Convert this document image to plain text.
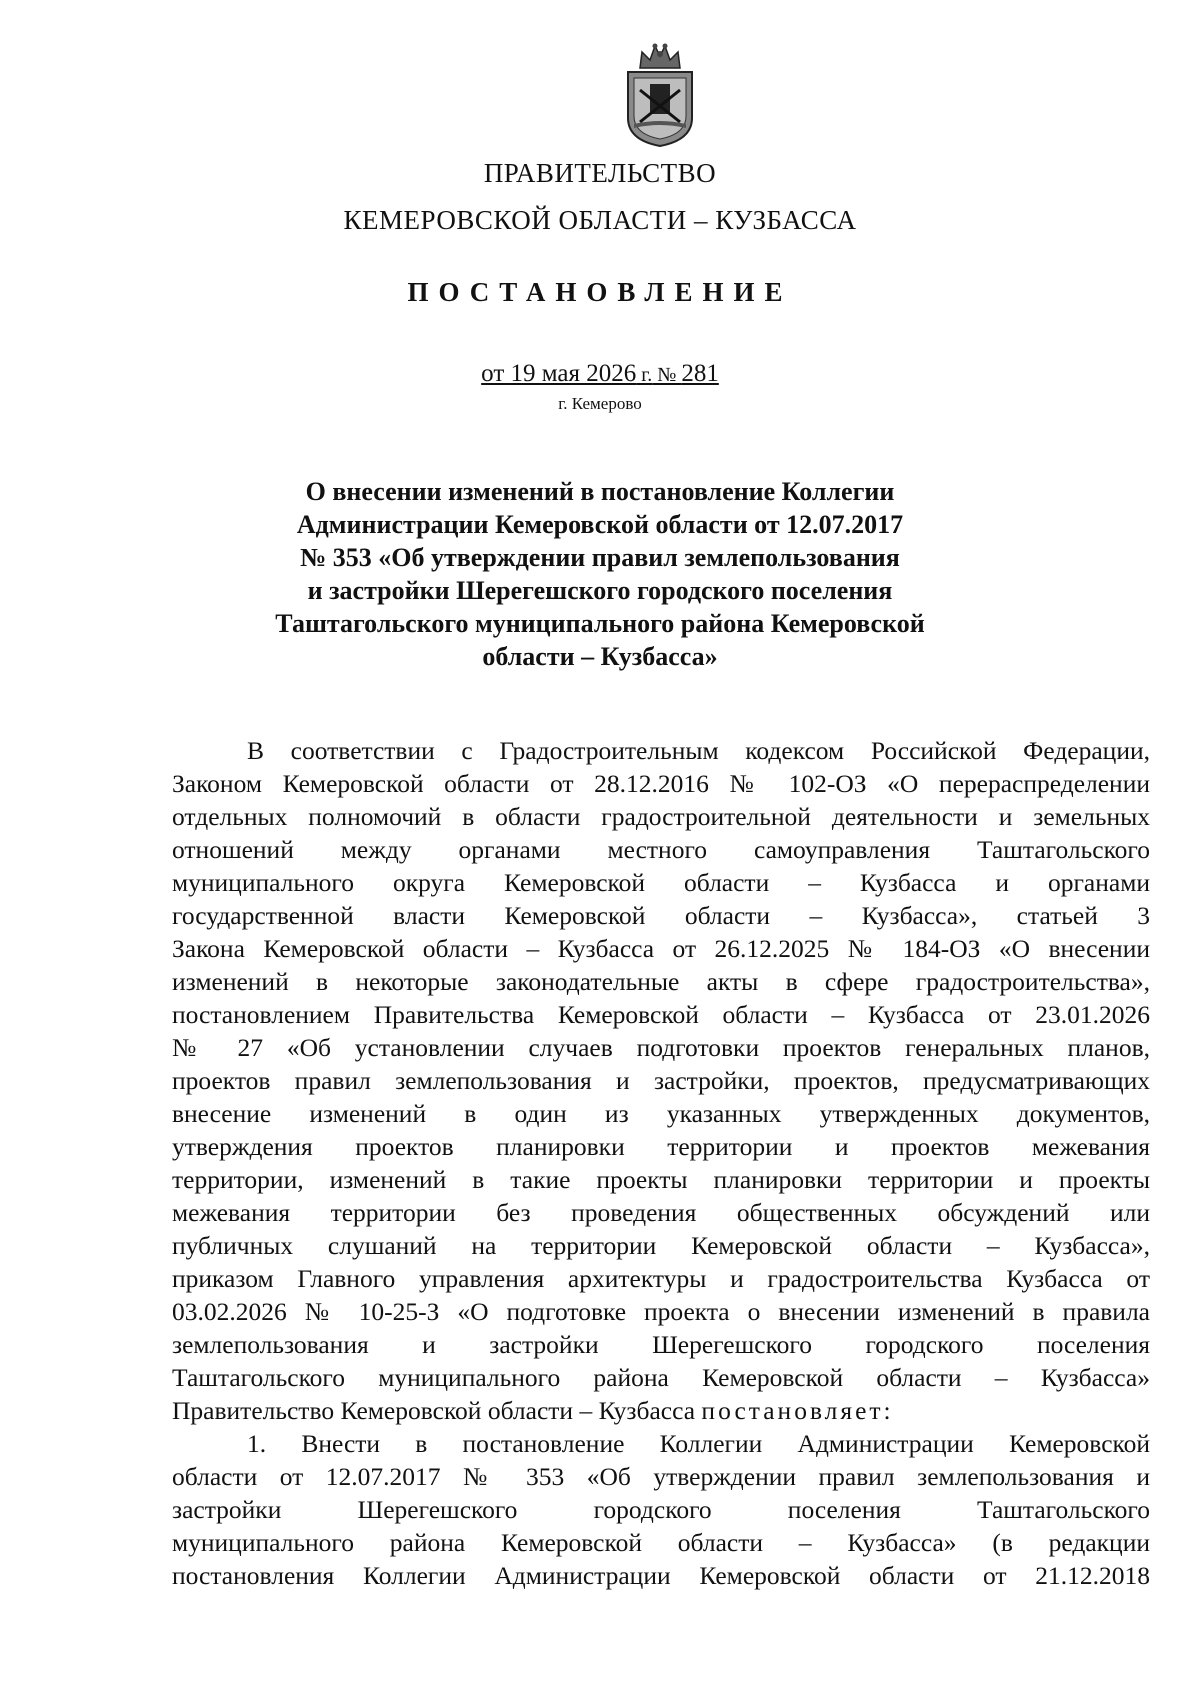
ПРАВИТЕЛЬСТВО
КЕМЕРОВСКОЙ ОБЛАСТИ – КУЗБАССА
ПОСТАНОВЛЕНИЕ
от 19 мая 2026 г. № 281
г. Кемерово
О внесении изменений в постановление Коллегии
Администрации Кемеровской области от 12.07.2017
№ 353 «Об утверждении правил землепользования
и застройки Шерегешского городского поселения
Таштагольского муниципального района Кемеровской
области – Кузбасса»
В соответствии с Градостроительным кодексом Российской Федерации,
Законом Кемеровской области от 28.12.2016 № 102-ОЗ «О перераспределении
отдельных полномочий в области градостроительной деятельности и земельных
отношений между органами местного самоуправления Таштагольского
муниципального округа Кемеровской области – Кузбасса и органами
государственной власти Кемеровской области – Кузбасса», статьей 3
Закона Кемеровской области – Кузбасса от 26.12.2025 № 184-ОЗ «О внесении
изменений в некоторые законодательные акты в сфере градостроительства»,
постановлением Правительства Кемеровской области – Кузбасса от 23.01.2026
№ 27 «Об установлении случаев подготовки проектов генеральных планов,
проектов правил землепользования и застройки, проектов, предусматривающих
внесение изменений в один из указанных утвержденных документов,
утверждения проектов планировки территории и проектов межевания
территории, изменений в такие проекты планировки территории и проекты
межевания территории без проведения общественных обсуждений или
публичных слушаний на территории Кемеровской области – Кузбасса»,
приказом Главного управления архитектуры и градостроительства Кузбасса от
03.02.2026 № 10-25-З «О подготовке проекта о внесении изменений в правила
землепользования и застройки Шерегешского городского поселения
Таштагольского муниципального района Кемеровской области – Кузбасса»
Правительство Кемеровской области – Кузбасса постановляет:
1. Внести в постановление Коллегии Администрации Кемеровской
области от 12.07.2017 № 353 «Об утверждении правил землепользования и
застройки Шерегешского городского поселения Таштагольского
муниципального района Кемеровской области – Кузбасса» (в редакции
постановления Коллегии Администрации Кемеровской области от 21.12.2018
